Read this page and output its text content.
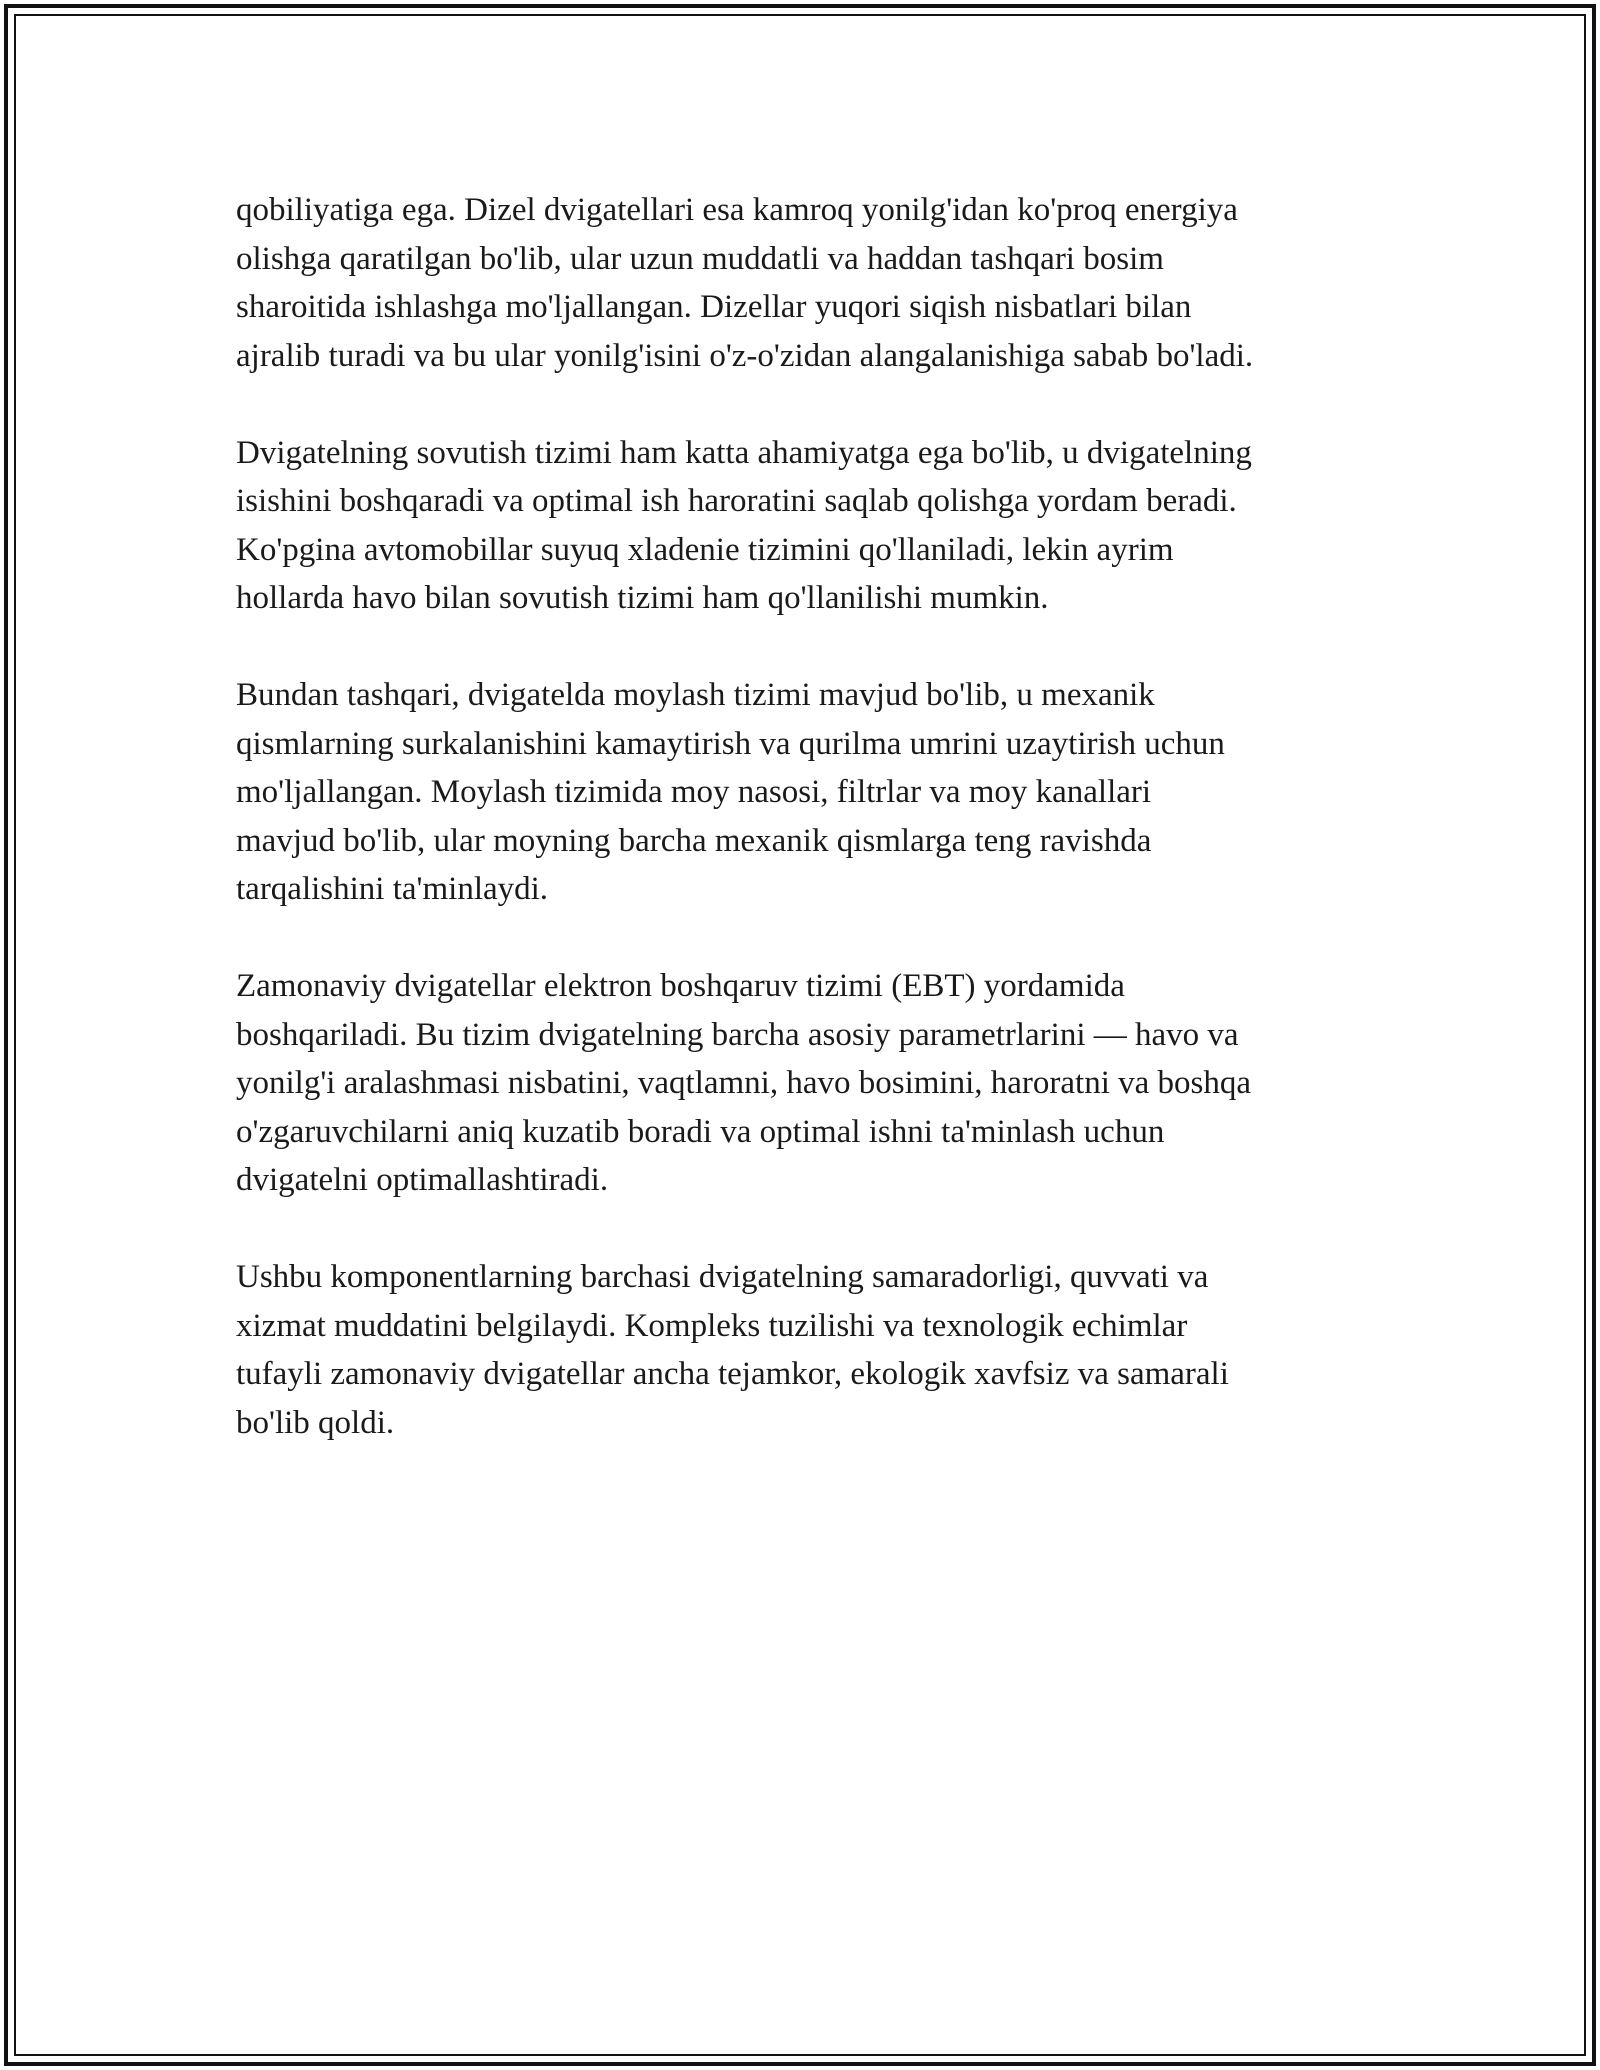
qobiliyatiga ega. Dizel dvigatellari esa kamroq yonilg'idan ko'proq energiya
olishga qaratilgan bo'lib, ular uzun muddatli va haddan tashqari bosim
sharoitida ishlashga mo'ljallangan. Dizellar yuqori siqish nisbatlari bilan
ajralib turadi va bu ular yonilg'isini o'z-o'zidan alangalanishiga sabab bo'ladi.

Dvigatelning sovutish tizimi ham katta ahamiyatga ega bo'lib, u dvigatelning
isishini boshqaradi va optimal ish haroratini saqlab qolishga yordam beradi.
Ko'pgina avtomobillar suyuq xladenie tizimini qo'llaniladi, lekin ayrim
hollarda havo bilan sovutish tizimi ham qo'llanilishi mumkin.

Bundan tashqari, dvigatelda moylash tizimi mavjud bo'lib, u mexanik
qismlarning surkalanishini kamaytirish va qurilma umrini uzaytirish uchun
mo'ljallangan. Moylash tizimida moy nasosi, filtrlar va moy kanallari
mavjud bo'lib, ular moyning barcha mexanik qismlarga teng ravishda
tarqalishini ta'minlaydi.

Zamonaviy dvigatellar elektron boshqaruv tizimi (EBT) yordamida
boshqariladi. Bu tizim dvigatelning barcha asosiy parametrlarini — havo va
yonilg'i aralashmasi nisbatini, vaqtlamni, havo bosimini, haroratni va boshqa
o'zgaruvchilarni aniq kuzatib boradi va optimal ishni ta'minlash uchun
dvigatelni optimallashtiradi.

Ushbu komponentlarning barchasi dvigatelning samaradorligi, quvvati va
xizmat muddatini belgilaydi. Kompleks tuzilishi va texnologik echimlar
tufayli zamonaviy dvigatellar ancha tejamkor, ekologik xavfsiz va samarali
bo'lib qoldi.
